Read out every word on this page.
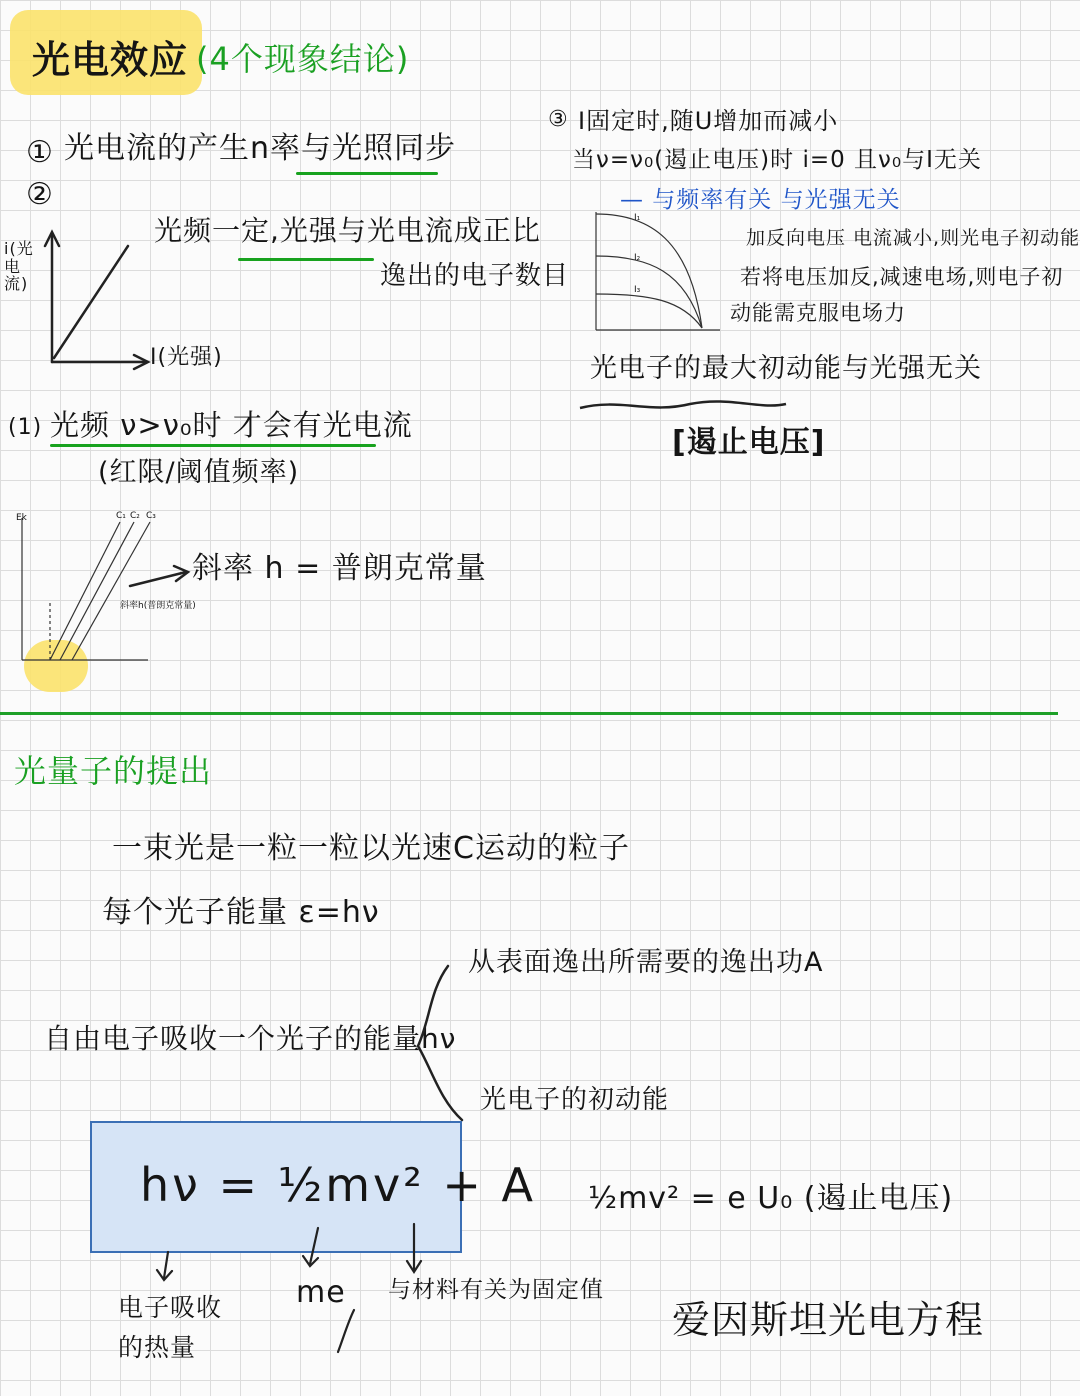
光电效应 (4个现象结论)
① 光电流的产生n率与光照同步
②
i(光电流)
I(光强)
光频一定,光强与光电流成正比
逸出的电子数目
(1) 光频 ν>ν₀时 才会有光电流
(红限/阈值频率)
Ek	C₁ C₂ C₃
斜率h(普朗克常量)
斜率 h = 普朗克常量
③ I固定时,随U增加而减小
当ν=ν₀(遏止电压)时 i=0 且ν₀与I无关
— 与频率有关 与光强无关
I₁
I₂
I₃
加反向电压 电流减小,则光电子初动能
若将电压加反,减速电场,则电子初
动能需克服电场力
光电子的最大初动能与光强无关
[遏止电压]
光量子的提出
一束光是一粒一粒以光速C运动的粒子
每个光子能量 ε=hν
自由电子吸收一个光子的能量hν
从表面逸出所需要的逸出功A
光电子的初动能
hν = ½mv² + A
电子吸收的热量
me 与材料有关为固定值
½mv² = e U₀ (遏止电压)
爱因斯坦光电方程
